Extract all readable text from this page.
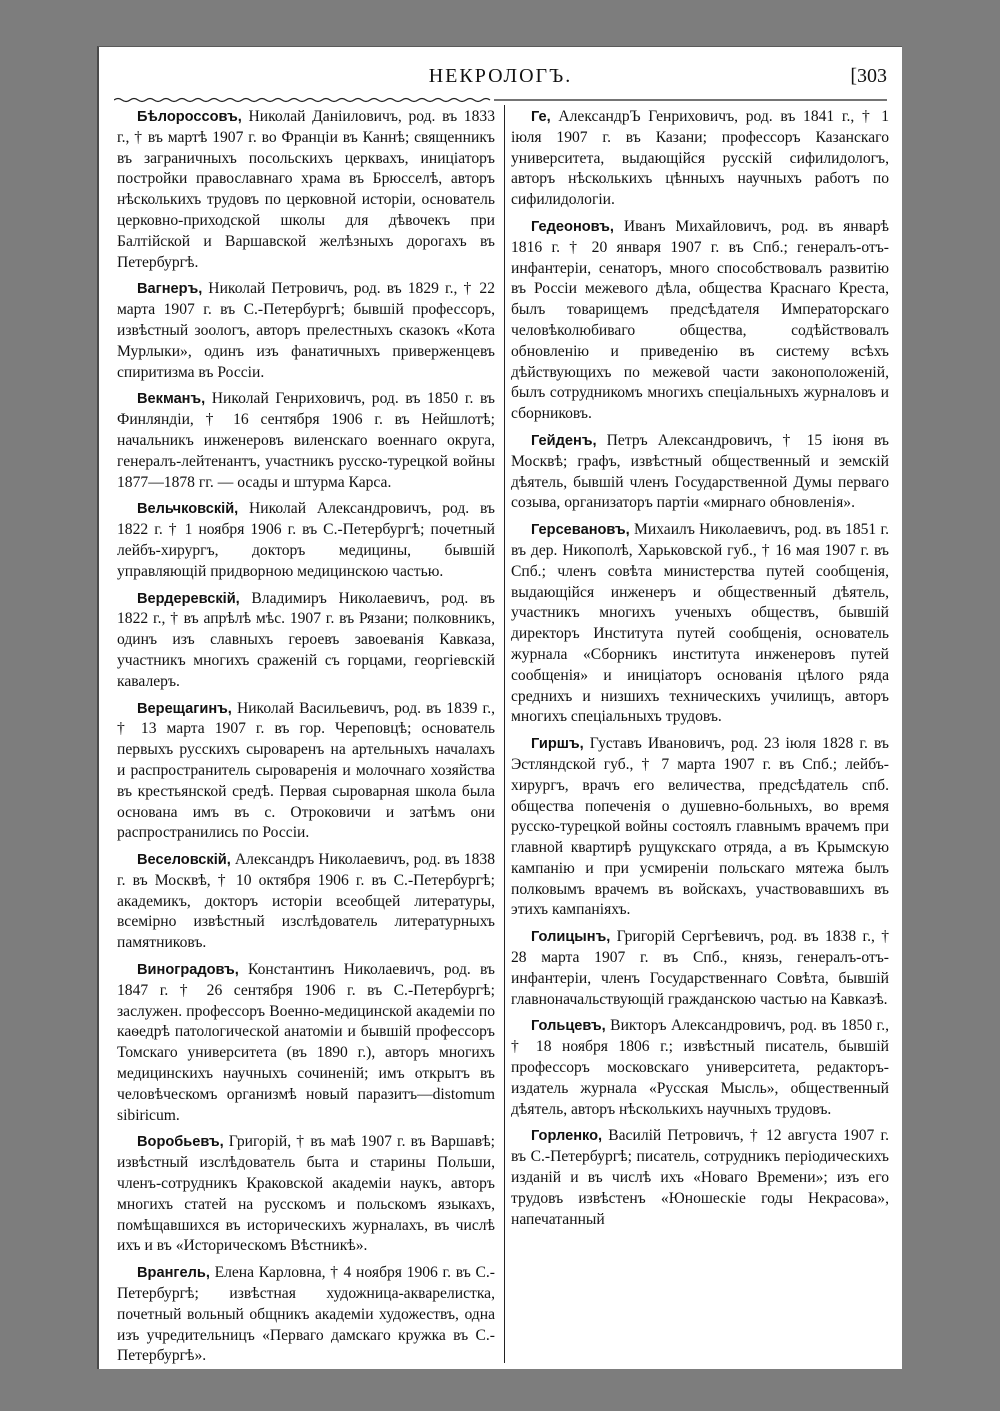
НЕКРОЛОГЪ.	[303

Бѣлороссовъ, Николай Даніиловичъ, род. въ 1833 г., † въ мартѣ 1907 г. во Франціи въ Каннѣ; священникъ въ заграничныхъ посольскихъ церквахъ, иниціаторъ постройки православнаго храма въ Брюсселѣ, авторъ нѣсколькихъ трудовъ по церковной исторіи, основатель церковно-приходской школы для дѣвочекъ при Балтійской и Варшавской желѣзныхъ дорогахъ въ Петербургѣ.

Вагнеръ, Николай Петровичъ, род. въ 1829 г., † 22 марта 1907 г. въ С.-Петербургѣ; бывшій профессоръ, извѣстный зоологъ, авторъ прелестныхъ сказокъ «Кота Мурлыки», одинъ изъ фанатичныхъ приверженцевъ спиритизма въ Россіи.

Векманъ, Николай Генриховичъ, род. въ 1850 г. въ Финляндіи, † 16 сентября 1906 г. въ Нейшлотѣ; начальникъ инженеровъ виленскаго военнаго округа, генералъ-лейтенантъ, участникъ русско-турецкой войны 1877—1878 гг. — осады и штурма Карса.

Вельчковскій, Николай Александровичъ, род. въ 1822 г. † 1 ноября 1906 г. въ С.-Петербургѣ; почетный лейбъ-хирургъ, докторъ медицины, бывшій управляющій придворною медицинскою частью.

Вердеревскій, Владимиръ Николаевичъ, род. въ 1822 г., † въ апрѣлѣ мѣс. 1907 г. въ Рязани; полковникъ, одинъ изъ славныхъ героевъ завоеванія Кавказа, участникъ многихъ сраженій съ горцами, георгіевскій кавалеръ.

Верещагинъ, Николай Васильевичъ, род. въ 1839 г., † 13 марта 1907 г. въ гор. Череповцѣ; основатель первыхъ русскихъ сыроваренъ на артельныхъ началахъ и распространитель сыроваренія и молочнаго хозяйства въ крестьянской средѣ. Первая сыроварная школа была основана имъ въ с. Отроковичи и затѣмъ они распространились по Россіи.

Веселовскій, Александръ Николаевичъ, род. въ 1838 г. въ Москвѣ, † 10 октября 1906 г. въ С.-Петербургѣ; академикъ, докторъ исторіи всеобщей литературы, всемірно извѣстный изслѣдователь литературныхъ памятниковъ.

Виноградовъ, Константинъ Николаевичъ, род. въ 1847 г. † 26 сентября 1906 г. въ С.-Петербургѣ; заслужен. профессоръ Военно-медицинской академіи по каѳедрѣ патологической анатоміи и бывшій профессоръ Томскаго университета (въ 1890 г.), авторъ многихъ медицинскихъ научныхъ сочиненій; имъ открытъ въ человѣческомъ организмѣ новый паразитъ—distomum sibiricum.

Воробьевъ, Григорій, † въ маѣ 1907 г. въ Варшавѣ; извѣстный изслѣдователь быта и старины Польши, членъ-сотрудникъ Краковской академіи наукъ, авторъ многихъ статей на русскомъ и польскомъ языкахъ, помѣщавшихся въ историческихъ журналахъ, въ числѣ ихъ и въ «Историческомъ Вѣстникѣ».

Врангель, Елена Карловна, † 4 ноября 1906 г. въ С.-Петербургѣ; извѣстная художница-акварелистка, почетный вольный общникъ академіи художествъ, одна изъ учредительницъ «Перваго дамскаго кружка въ С.-Петербургѣ».

Ге, АлександрЪ Генриховичъ, род. въ 1841 г., † 1 іюля 1907 г. въ Казани; профессоръ Казанскаго университета, выдающійся русскій сифилидологъ, авторъ нѣсколькихъ цѣнныхъ научныхъ работъ по сифилидологіи.

Гедеоновъ, Иванъ Михайловичъ, род. въ январѣ 1816 г. † 20 января 1907 г. въ Спб.; генералъ-отъ-инфантеріи, сенаторъ, много способствовалъ развитію въ Россіи межевого дѣла, общества Краснаго Креста, былъ товарищемъ предсѣдателя Императорскаго человѣколюбиваго общества, содѣйствовалъ обновленію и приведенію въ систему всѣхъ дѣйствующихъ по межевой части законоположеній, былъ сотрудникомъ многихъ спеціальныхъ журналовъ и сборниковъ.

Гейденъ, Петръ Александровичъ, † 15 іюня въ Москвѣ; графъ, извѣстный общественный и земскій дѣятель, бывшій членъ Государственной Думы перваго созыва, организаторъ партіи «мирнаго обновленія».

Герсевановъ, Михаилъ Николаевичъ, род. въ 1851 г. въ дер. Никополѣ, Харьковской губ., † 16 мая 1907 г. въ Спб.; членъ совѣта министерства путей сообщенія, выдающійся инженеръ и общественный дѣятель, участникъ многихъ ученыхъ обществъ, бывшій директоръ Института путей сообщенія, основатель журнала «Сборникъ института инженеровъ путей сообщенія» и иниціаторъ основанія цѣлого ряда среднихъ и низшихъ техническихъ училищъ, авторъ многихъ спеціальныхъ трудовъ.

Гиршъ, Густавъ Ивановичъ, род. 23 іюля 1828 г. въ Эстляндской губ., † 7 марта 1907 г. въ Спб.; лейбъ-хирургъ, врачъ его величества, предсѣдатель спб. общества попеченія о душевно-больныхъ, во время русско-турецкой войны состоялъ главнымъ врачемъ при главной квартирѣ рущукскаго отряда, а въ Крымскую кампанію и при усмиреніи польскаго мятежа былъ полковымъ врачемъ въ войскахъ, участвовавшихъ въ этихъ кампаніяхъ.

Голицынъ, Григорій Сергѣевичъ, род. въ 1838 г., † 28 марта 1907 г. въ Спб., князь, генералъ-отъ-инфантеріи, членъ Государственнаго Совѣта, бывшій главноначальствующій гражданскою частью на Кавказѣ.

Гольцевъ, Викторъ Александровичъ, род. въ 1850 г., † 18 ноября 1806 г.; извѣстный писатель, бывшій профессоръ московскаго университета, редакторъ-издатель журнала «Русская Мысль», общественный дѣятель, авторъ нѣсколькихъ научныхъ трудовъ.

Горленко, Василій Петровичъ, † 12 августа 1907 г. въ С.-Петербургѣ; писатель, сотрудникъ періодическихъ изданій и въ числѣ ихъ «Новаго Времени»; изъ его трудовъ извѣстенъ «Юношескіе годы Некрасова», напечатанный
